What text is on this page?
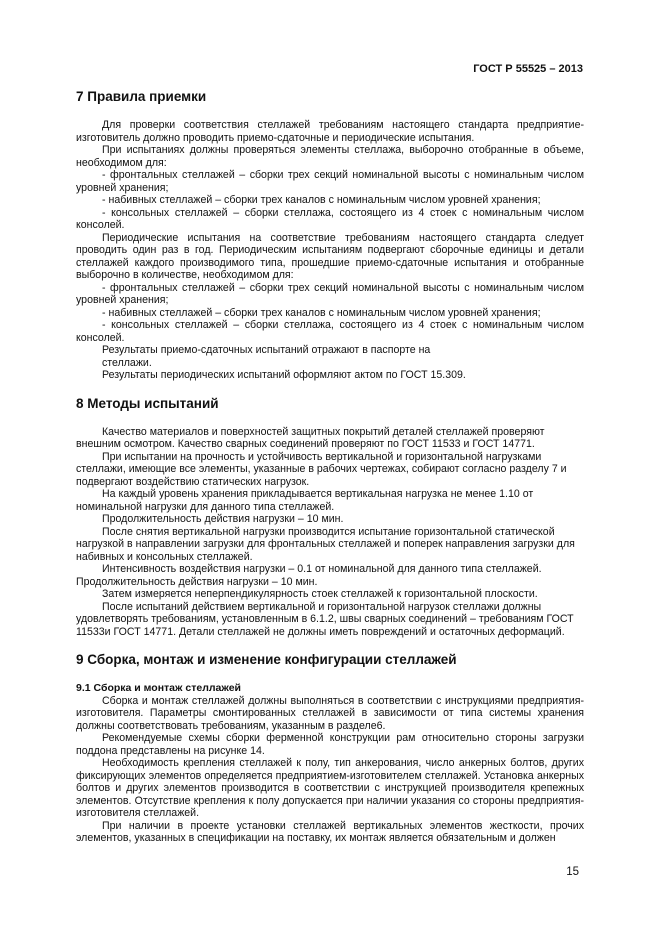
ГОСТ Р 55525 – 2013
7 Правила приемки

Для проверки соответствия стеллажей требованиям настоящего стандарта предприятие-изготовитель должно проводить приемо-сдаточные и периодические испытания.

При испытаниях должны проверяться элементы стеллажа, выборочно отобранные в объеме, необходимом для:

- фронтальных стеллажей – сборки трех секций номинальной высоты с номинальным числом уровней хранения;

- набивных стеллажей – сборки трех каналов с номинальным числом уровней хранения;

- консольных стеллажей – сборки стеллажа, состоящего из 4 стоек с номинальным числом консолей.

Периодические испытания на соответствие требованиям настоящего стандарта следует проводить один раз в год. Периодическим испытаниям подвергают сборочные единицы и детали стеллажей каждого производимого типа, прошедшие приемо-сдаточные испытания и отобранные выборочно в количестве, необходимом для:

- фронтальных стеллажей – сборки трех секций номинальной высоты с номинальным числом уровней хранения;

- набивных стеллажей – сборки трех каналов с номинальным числом уровней хранения;

- консольных стеллажей – сборки стеллажа, состоящего из 4 стоек с номинальным числом консолей.

Результаты приемо-сдаточных испытаний отражают в паспорте на

стеллажи.

Результаты периодических испытаний оформляют актом по ГОСТ 15.309.

8 Методы испытаний

Качество материалов и поверхностей защитных покрытий деталей стеллажей проверяют внешним осмотром. Качество сварных соединений проверяют по ГОСТ 11533 и ГОСТ 14771.

При испытании на прочность и устойчивость вертикальной и горизонтальной нагрузками стеллажи, имеющие все элементы, указанные в рабочих чертежах, собирают согласно разделу 7 и подвергают воздействию статических нагрузок.

На каждый уровень хранения прикладывается вертикальная нагрузка не менее 1.10 от номинальной нагрузки для данного типа стеллажей.

Продолжительность действия нагрузки – 10 мин.

После снятия вертикальной нагрузки производится испытание горизонтальной статической нагрузкой в направлении загрузки для фронтальных стеллажей и поперек направления загрузки для набивных и консольных стеллажей.

Интенсивность воздействия нагрузки – 0.1 от номинальной для данного типа стеллажей.

Продолжительность действия нагрузки – 10 мин.

Затем измеряется неперпендикулярность стоек стеллажей к горизонтальной плоскости.

После испытаний действием вертикальной и горизонтальной нагрузок стеллажи должны удовлетворять требованиям, установленным в 6.1.2, швы сварных соединений – требованиям ГОСТ 11533и ГОСТ 14771. Детали стеллажей не должны иметь повреждений и остаточных деформаций.

9 Сборка, монтаж и изменение конфигурации стеллажей
9.1 Сборка и монтаж стеллажей

Сборка и монтаж стеллажей должны выполняться в соответствии с инструкциями предприятия-изготовителя. Параметры смонтированных стеллажей в зависимости от типа системы хранения должны соответствовать требованиям, указанным в разделе6.

Рекомендуемые схемы сборки ферменной конструкции рам относительно стороны загрузки поддона представлены на рисунке 14.

Необходимость крепления стеллажей к полу, тип анкерования, число анкерных болтов, других фиксирующих элементов определяется предприятием-изготовителем стеллажей. Установка анкерных болтов и других элементов производится в соответствии с инструкцией производителя крепежных элементов. Отсутствие крепления к полу допускается при наличии указания со стороны предприятия-изготовителя стеллажей.

При наличии в проекте установки стеллажей вертикальных элементов жесткости, прочих элементов, указанных в спецификации на поставку, их монтаж является обязательным и должен

15
